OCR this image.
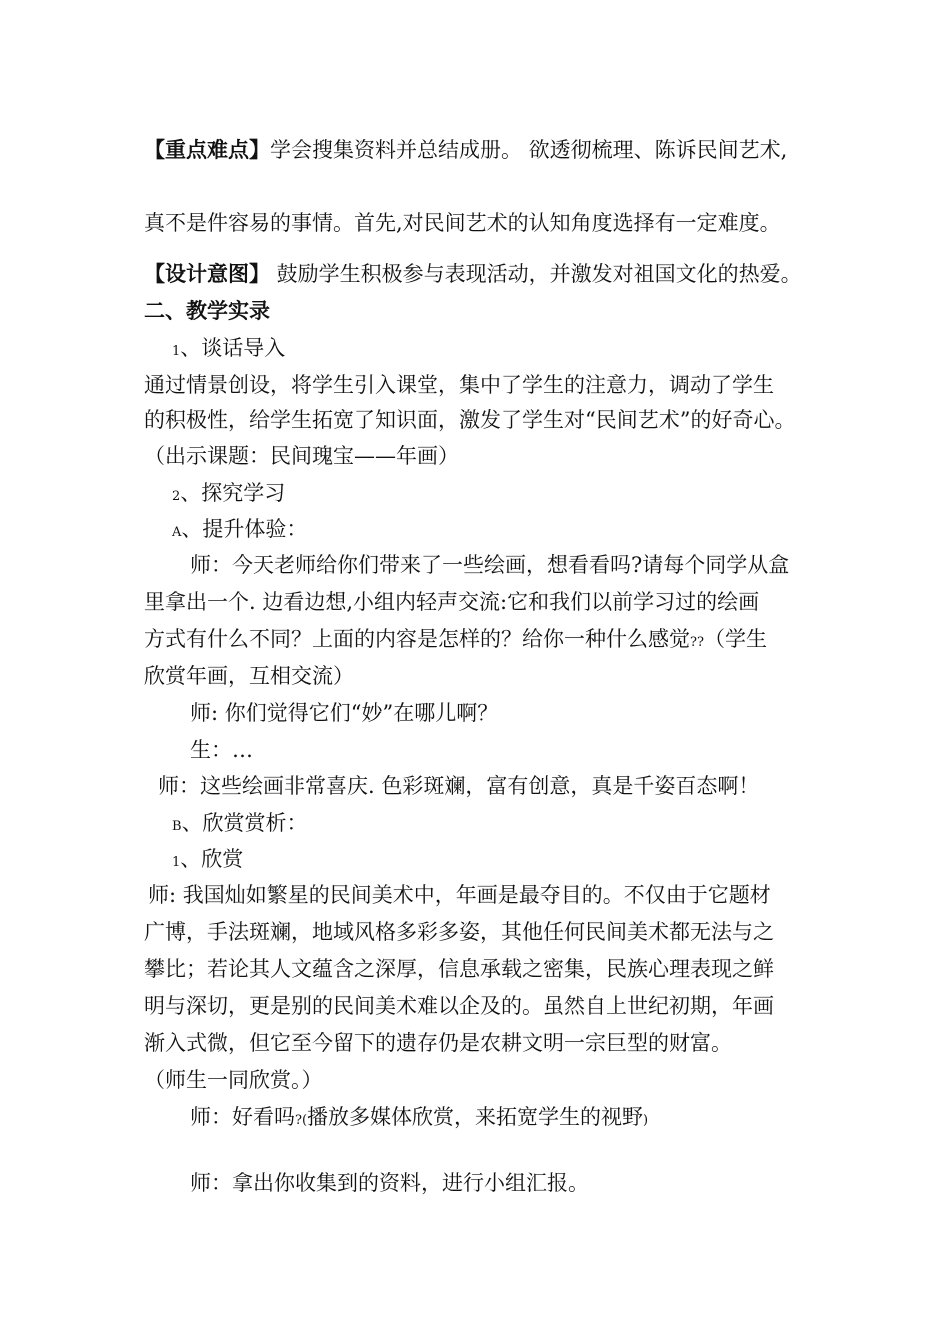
【重点难点】学会搜集资料并总结成册。 欲透彻梳理、陈诉民间艺术,
真不是件容易的事情。首先,对民间艺术的认知角度选择有一定难度。
【设计意图】 鼓励学生积极参与表现活动，并激发对祖国文化的热爱。
二、教学实录
1、谈话导入
通过情景创设，将学生引入课堂，集中了学生的注意力，调动了学生
的积极性，给学生拓宽了知识面，激发了学生对“民间艺术”的好奇心。
（出示课题：民间瑰宝——年画）
2、探究学习
A、提升体验：
师：今天老师给你们带来了一些绘画，想看看吗?请每个同学从盒
里拿出一个. 边看边想,小组内轻声交流:它和我们以前学习过的绘画
方式有什么不同？上面的内容是怎样的？给你一种什么感觉??（学生
欣赏年画，互相交流）
师: 你们觉得它们“妙”在哪儿啊？
生：…
师：这些绘画非常喜庆. 色彩斑斓，富有创意，真是千姿百态啊！
B、欣赏赏析：
1、欣赏
师: 我国灿如繁星的民间美术中，年画是最夺目的。不仅由于它题材
广博，手法斑斓，地域风格多彩多姿，其他任何民间美术都无法与之
攀比；若论其人文蕴含之深厚，信息承载之密集，民族心理表现之鲜
明与深切，更是别的民间美术难以企及的。虽然自上世纪初期，年画
渐入式微，但它至今留下的遗存仍是农耕文明一宗巨型的财富。
（师生一同欣赏。）
师：好看吗?(播放多媒体欣赏，来拓宽学生的视野)
师：拿出你收集到的资料，进行小组汇报。
